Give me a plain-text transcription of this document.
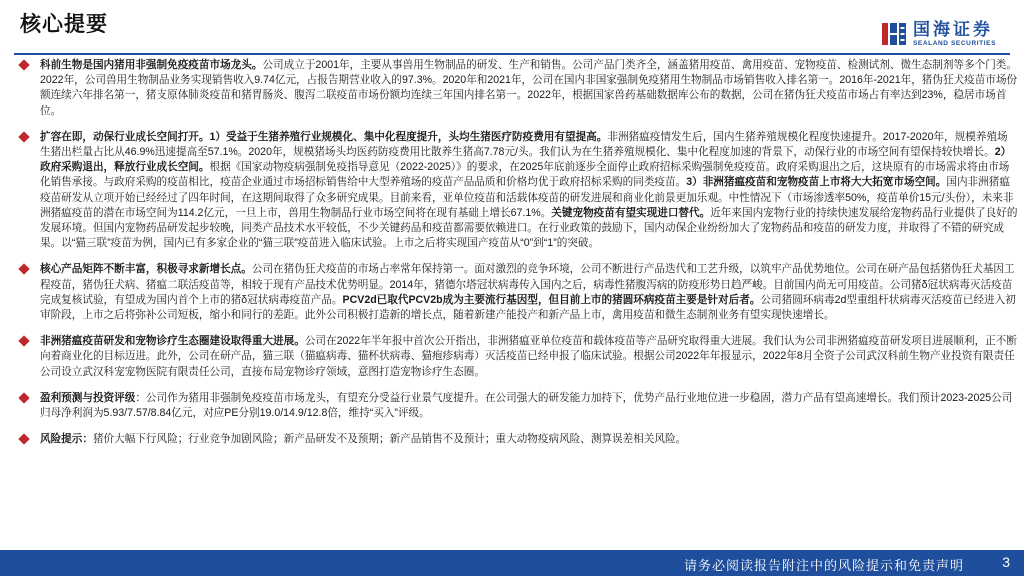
核心提要	国海证券
SEALAND SECURITIES
科前生物是国内猪用非强制免疫疫苗市场龙头。公司成立于2001年，主要从事兽用生物制品的研发、生产和销售。公司产品门类齐全，涵盖猪用疫苗、禽用疫苗、宠物疫苗、检测试剂、微生态制剂等多个门类。 2022年，公司兽用生物制品业务实现销售收入9.74亿元，占报告期营业收入的97.3%。2020年和2021年，公司在国内非国家强制免疫猪用生物制品市场销售收入排名第一。2016年-2021年，猪伪狂犬疫苗市场份额连续六年排名第一，猪支原体肺炎疫苗和猪胃肠炎、腹泻二联疫苗市场份额均连续三年国内排名第一。2022年，根据国家兽药基础数据库公布的数据，公司在猪伪狂犬疫苗市场占有率达到23%，稳居市场首位。
扩容在即，动保行业成长空间打开。1）受益于生猪养殖行业规模化、集中化程度提升，头均生猪医疗防疫费用有望提高。非洲猪瘟疫情发生后，国内生猪养殖规模化程度快速提升。2017-2020年，规模养殖场生猪出栏量占比从46.9%迅速提高至57.1%。2020年，规模猪场头均医药防疫费用比散养生猪高7.78元/头。我们认为在生猪养殖规模化、集中化程度加速的背景下，动保行业的市场空间有望保持较快增长。2）政府采购退出，释放行业成长空间。根据《国家动物疫病强制免疫指导意见（2022-2025）》的要求，在2025年底前逐步全面停止政府招标采购强制免疫疫苗。政府采购退出之后，这块原有的市场需求将由市场化销售承接。与政府采购的疫苗相比，疫苗企业通过市场招标销售给中大型养殖场的疫苗产品品质和价格均优于政府招标采购的同类疫苗。3）非洲猪瘟疫苗和宠物疫苗上市将大大拓宽市场空间。国内非洲猪瘟疫苗研发从立项开始已经经过了四年时间，在这期间取得了众多研究成果。目前来看，亚单位疫苗和活载体疫苗的研发进展和商业化前景更加乐观。中性情况下（市场渗透率50%，疫苗单价15元/头份），未来非洲猪瘟疫苗的潜在市场空间为114.2亿元，一旦上市，兽用生物制品行业市场空间将在现有基础上增长67.1%。关键宠物疫苗有望实现进口替代。近年来国内宠物行业的持续快速发展给宠物药品行业提供了良好的发展环境。但国内宠物药品研发起步较晚，同类产品技术水平较低，不少关键药品和疫苗都需要依赖进口。在行业政策的鼓励下，国内动保企业纷纷加大了宠物药品和疫苗的研发力度，并取得了不错的研究成果。以“猫三联”疫苗为例，国内已有多家企业的“猫三联”疫苗进入临床试验。上市之后将实现国产疫苗从“0”到“1”的突破。
核心产品矩阵不断丰富，积极寻求新增长点。公司在猪伪狂犬疫苗的市场占率常年保持第一。面对激烈的竞争环境，公司不断进行产品迭代和工艺升级，以筑牢产品优势地位。公司在研产品包括猪伪狂犬基因工程疫苗，猪伪狂犬病、猪瘟二联活疫苗等，相较于现有产品技术优势明显。2014年，猪德尔塔冠状病毒传入国内之后，病毒性猪腹泻病的防疫形势日趋严峻。目前国内尚无可用疫苗。公司猪δ冠状病毒灭活疫苗完成复核试验，有望成为国内首个上市的猪δ冠状病毒疫苗产品。PCV2d已取代PCV2b成为主要流行基因型，但目前上市的猪圆环病疫苗主要是针对后者。公司猪圆环病毒2d型重组杆状病毒灭活疫苗已经进入初审阶段，上市之后将弥补公司短板，缩小和同行的差距。此外公司积极打造新的增长点，随着新建产能投产和新产品上市，禽用疫苗和微生态制剂业务有望实现快速增长。
非洲猪瘟疫苗研发和宠物诊疗生态圈建设取得重大进展。公司在2022年半年报中首次公开指出，非洲猪瘟亚单位疫苗和载体疫苗等产品研究取得重大进展。我们认为公司非洲猪瘟疫苗研发项目进展顺利，正不断向着商业化的目标迈进。此外，公司在研产品，猫三联（猫瘟病毒、猫杯状病毒、猫疱疹病毒）灭活疫苗已经申报了临床试验。根据公司2022年年报显示，2022年8月全资子公司武汉科前生物产业投资有限责任公司设立武汉科宠宠物医院有限责任公司，直接布局宠物诊疗领域，意图打造宠物诊疗生态圈。
盈利预测与投资评级：公司作为猪用非强制免疫疫苗市场龙头，有望充分受益行业景气度提升。在公司强大的研发能力加持下，优势产品行业地位进一步稳固，潜力产品有望高速增长。我们预计2023-2025公司归母净利润为5.93/7.57/8.84亿元，对应PE分别19.0/14.9/12.8倍，维持“买入”评级。
风险提示：猪价大幅下行风险；行业竞争加剧风险；新产品研发不及预期；新产品销售不及预计；重大动物疫病风险、测算误差相关风险。
请务必阅读报告附注中的风险提示和免责声明	3
